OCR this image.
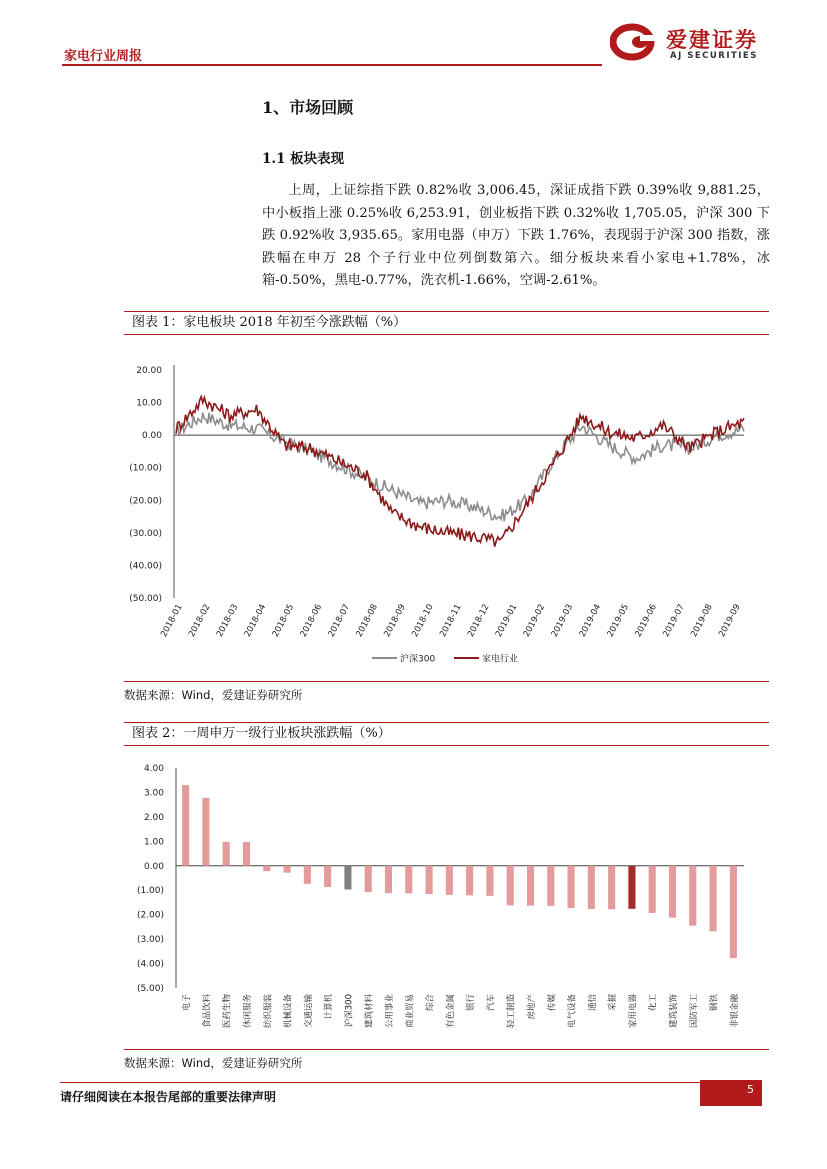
家电行业周报
爱建证券
AJ SECURITIES
1、市场回顾
1.1 板块表现
上周，上证综指下跌 0.82%收 3,006.45，深证成指下跌 0.39%收 9,881.25，中小板指上涨 0.25%收 6,253.91，创业板指下跌 0.32%收 1,705.05，沪深 300 下跌 0.92%收 3,935.65。家用电器（申万）下跌 1.76%，表现弱于沪深 300 指数，涨跌幅在申万 28 个子行业中位列倒数第六。细分板块来看小家电+1.78%，冰箱-0.50%，黑电-0.77%，洗衣机-1.66%，空调-2.61%。
图表 1：家电板块 2018 年初至今涨跌幅（%）
20.00
10.00
0.00
(10.00)
(20.00)
(30.00)
(40.00)
(50.00)
2018-01 2018-02 2018-03 2018-04 2018-05 2018-06 2018-07 2018-08 2018-09 2018-10 2018-11 2018-12 2019-01 2019-02 2019-03 2019-04 2019-05 2019-06 2019-07 2019-08 2019-09
沪深300	家电行业
数据来源：Wind，爱建证券研究所
图表 2：一周申万一级行业板块涨跌幅（%）
4.00
3.00
2.00
1.00
0.00
(1.00)
(2.00)
(3.00)
(4.00)
(5.00)
电子 食品饮料 医药生物 休闲服务 纺织服装 机械设备 交通运输 计算机 沪深300 建筑材料 公用事业 商业贸易 综合 有色金属 银行 汽车 轻工制造 房地产 传媒 电气设备 通信 采掘 家用电器 化工 建筑装饰 国防军工 钢铁 非银金融
数据来源：Wind，爱建证券研究所
请仔细阅读在本报告尾部的重要法律声明
5
